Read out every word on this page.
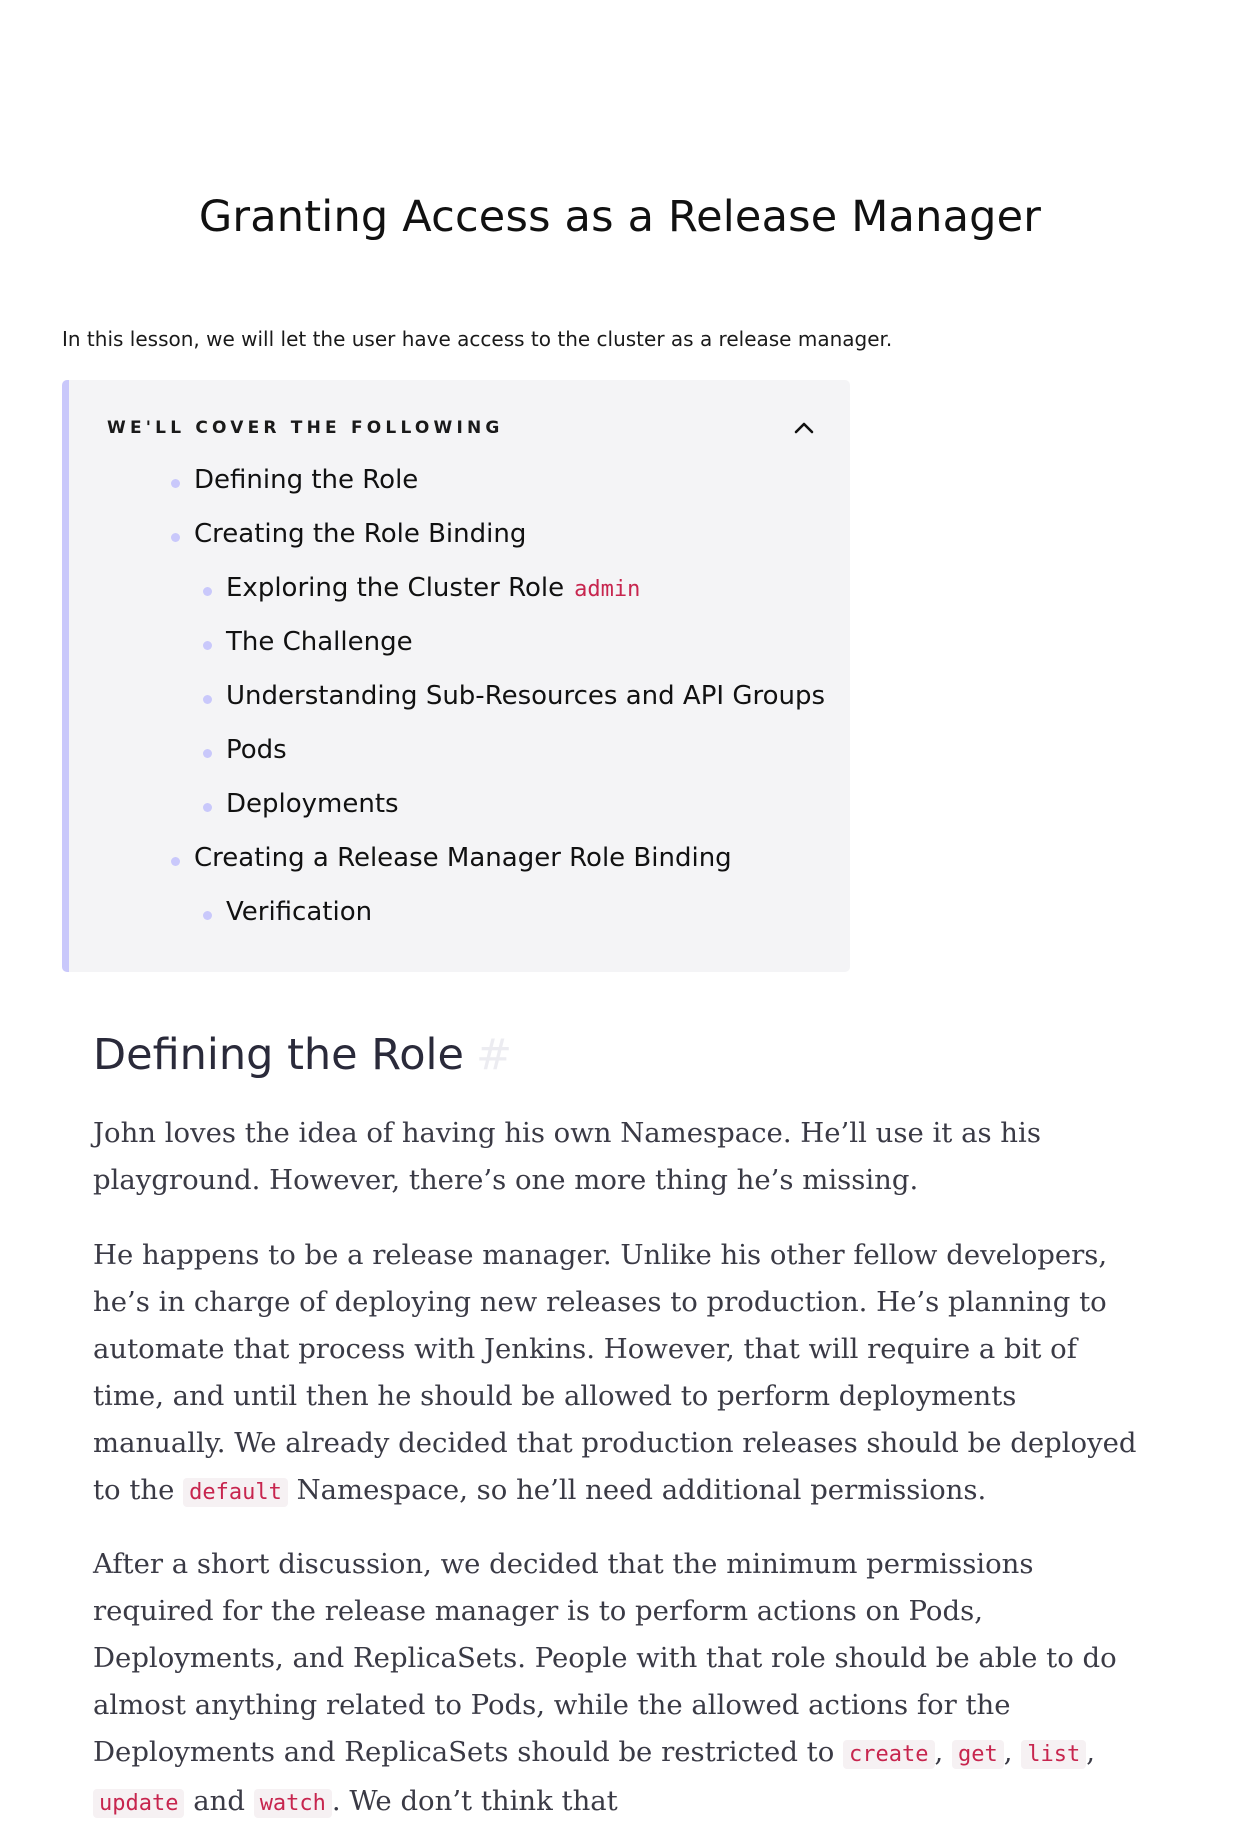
Granting Access as a Release Manager

In this lesson, we will let the user have access to the cluster as a release manager.

WE'LL COVER THE FOLLOWING

Defining the Role
Creating the Role Binding
Exploring the Cluster Role admin
The Challenge
Understanding Sub-Resources and API Groups
Pods
Deployments
Creating a Release Manager Role Binding
Verification
Defining the Role #

John loves the idea of having his own Namespace. He’ll use it as his playground. However, there’s one more thing he’s missing.

He happens to be a release manager. Unlike his other fellow developers, he’s in charge of deploying new releases to production. He’s planning to automate that process with Jenkins. However, that will require a bit of time, and until then he should be allowed to perform deployments manually. We already decided that production releases should be deployed to the default Namespace, so he’ll need additional permissions.

After a short discussion, we decided that the minimum permissions required for the release manager is to perform actions on Pods, Deployments, and ReplicaSets. People with that role should be able to do almost anything related to Pods, while the allowed actions for the Deployments and ReplicaSets should be restricted to create , get , list , update and watch . We don’t think that
